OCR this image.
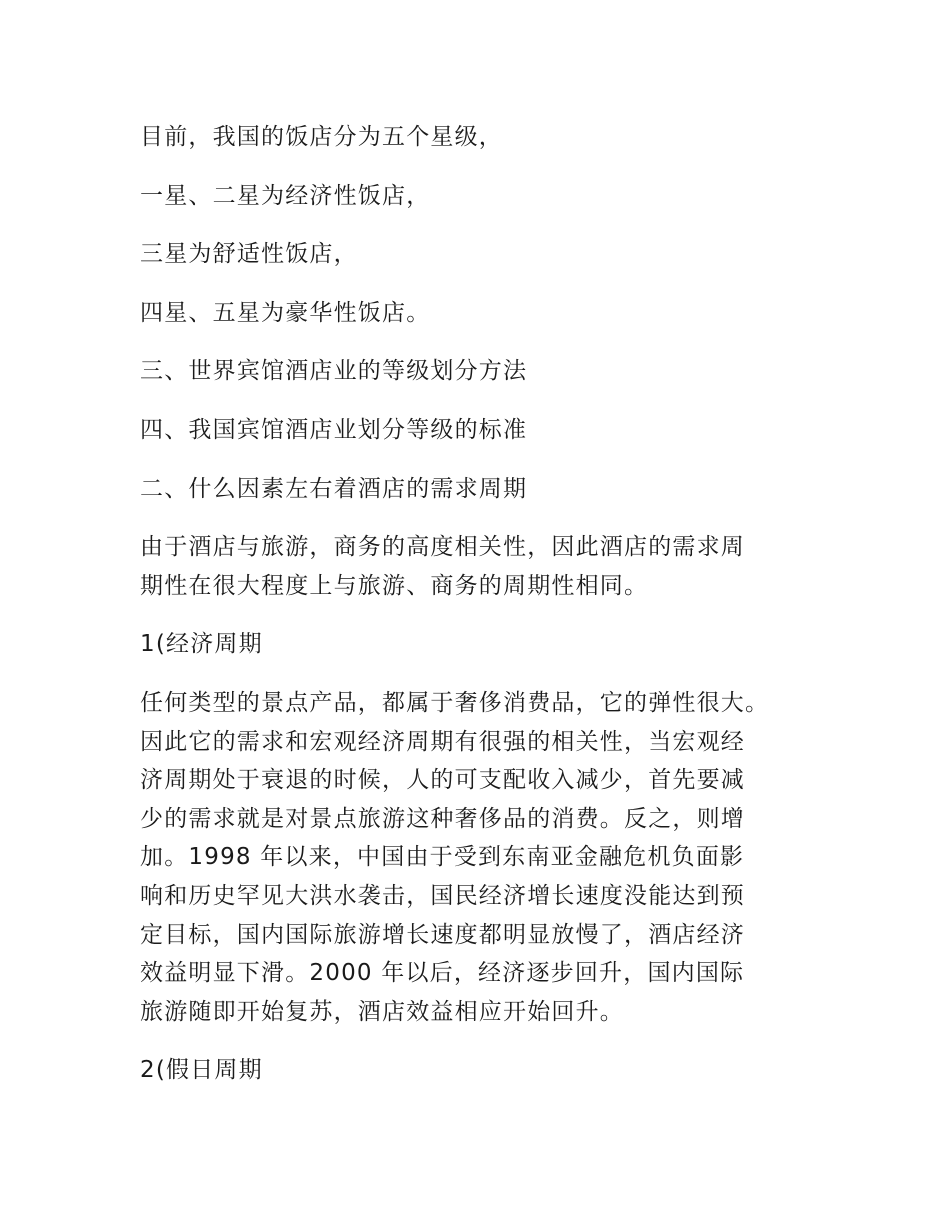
目前，我国的饭店分为五个星级，

一星、二星为经济性饭店，

三星为舒适性饭店，

四星、五星为豪华性饭店。

三、世界宾馆酒店业的等级划分方法

四、我国宾馆酒店业划分等级的标准

二、什么因素左右着酒店的需求周期

由于酒店与旅游，商务的高度相关性，因此酒店的需求周
期性在很大程度上与旅游、商务的周期性相同。

1(经济周期

任何类型的景点产品，都属于奢侈消费品，它的弹性很大。
因此它的需求和宏观经济周期有很强的相关性，当宏观经
济周期处于衰退的时候，人的可支配收入减少，首先要减
少的需求就是对景点旅游这种奢侈品的消费。反之，则增
加。1998 年以来，中国由于受到东南亚金融危机负面影
响和历史罕见大洪水袭击，国民经济增长速度没能达到预
定目标，国内国际旅游增长速度都明显放慢了，酒店经济
效益明显下滑。2000 年以后，经济逐步回升，国内国际
旅游随即开始复苏，酒店效益相应开始回升。

2(假日周期
